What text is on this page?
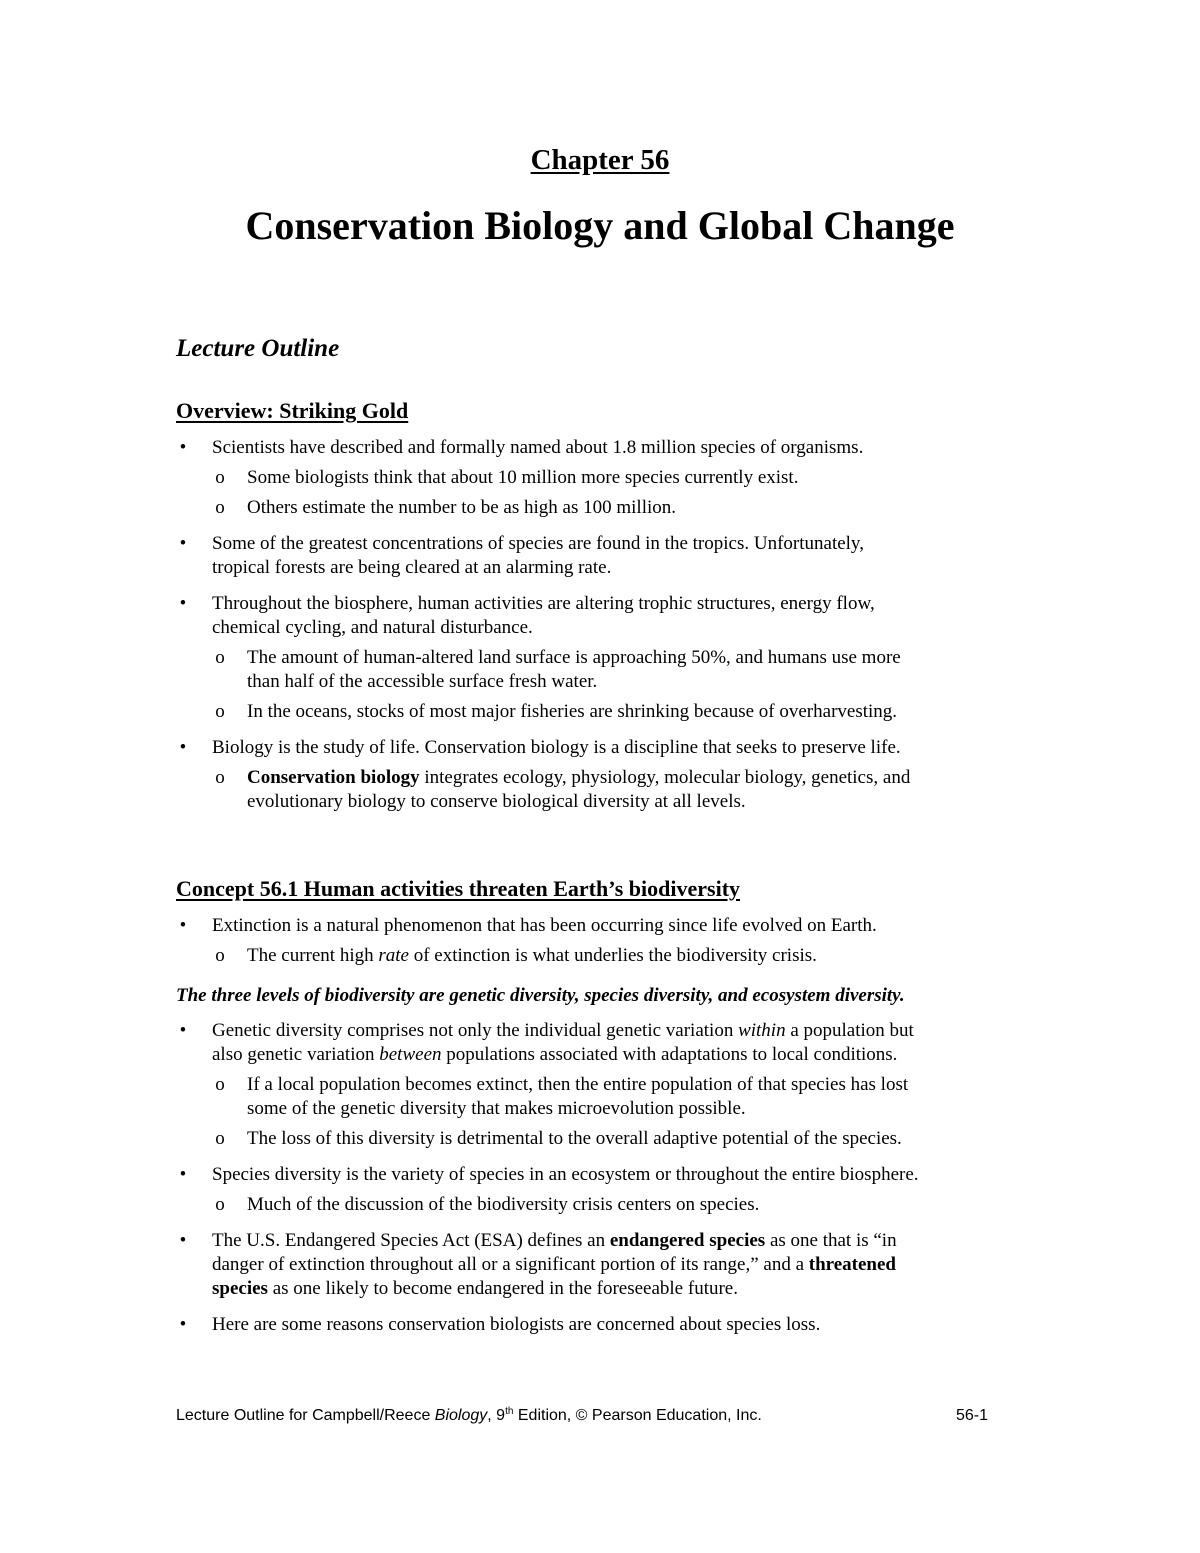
Chapter 56
Conservation Biology and Global Change
Lecture Outline
Overview: Striking Gold
• Scientists have described and formally named about 1.8 million species of organisms.
o Some biologists think that about 10 million more species currently exist.
o Others estimate the number to be as high as 100 million.
• Some of the greatest concentrations of species are found in the tropics. Unfortunately,
tropical forests are being cleared at an alarming rate.
• Throughout the biosphere, human activities are altering trophic structures, energy flow,
chemical cycling, and natural disturbance.
o The amount of human-altered land surface is approaching 50%, and humans use more
than half of the accessible surface fresh water.
o In the oceans, stocks of most major fisheries are shrinking because of overharvesting.
• Biology is the study of life. Conservation biology is a discipline that seeks to preserve life.
o Conservation biology integrates ecology, physiology, molecular biology, genetics, and
evolutionary biology to conserve biological diversity at all levels.
Concept 56.1 Human activities threaten Earth’s biodiversity
• Extinction is a natural phenomenon that has been occurring since life evolved on Earth.
o The current high rate of extinction is what underlies the biodiversity crisis.
The three levels of biodiversity are genetic diversity, species diversity, and ecosystem diversity.
• Genetic diversity comprises not only the individual genetic variation within a population but
also genetic variation between populations associated with adaptations to local conditions.
o If a local population becomes extinct, then the entire population of that species has lost
some of the genetic diversity that makes microevolution possible.
o The loss of this diversity is detrimental to the overall adaptive potential of the species.
• Species diversity is the variety of species in an ecosystem or throughout the entire biosphere.
o Much of the discussion of the biodiversity crisis centers on species.
• The U.S. Endangered Species Act (ESA) defines an endangered species as one that is “in
danger of extinction throughout all or a significant portion of its range,” and a threatened
species as one likely to become endangered in the foreseeable future.
• Here are some reasons conservation biologists are concerned about species loss.
Lecture Outline for Campbell/Reece Biology, 9th Edition, © Pearson Education, Inc.	56-1
